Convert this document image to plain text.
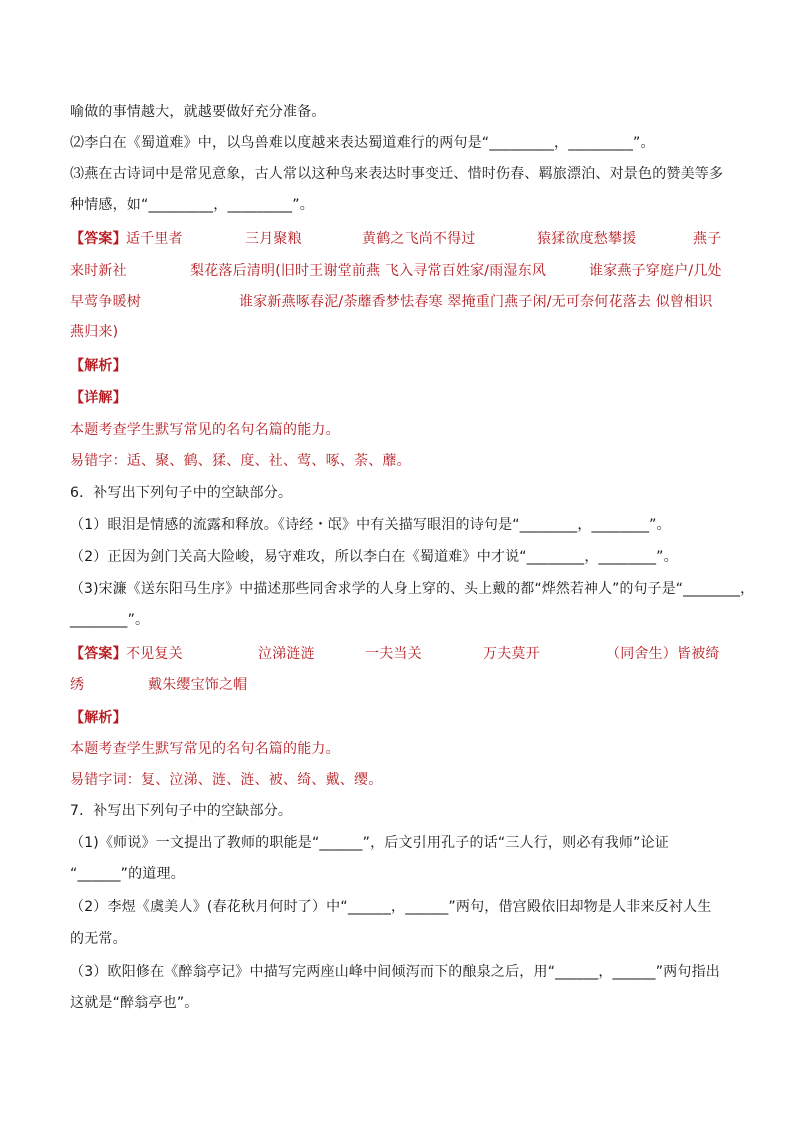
喻做的事情越大，就越要做好充分准备。
⑵李白在《蜀道难》中，以鸟兽难以度越来表达蜀道难行的两句是“_________，_________”。
⑶燕在古诗词中是常见意象，古人常以这种鸟来表达时事变迁、惜时伤春、羁旅漂泊、对景色的赞美等多
种情感，如“_________，_________”。
【答案】 适千里者	三月聚粮	黄鹤之飞尚不得过	猿猱欲度愁攀援	燕子
来时新社	梨花落后清明(旧时王谢堂前燕 飞入寻常百姓家/雨湿东风	谁家燕子穿庭户/几处
早莺争暖树	谁家新燕啄春泥/荼蘼香梦怯春寒 翠掩重门燕子闲/无可奈何花落去 似曾相识
燕归来)
【解析】
【详解】
本题考查学生默写常见的名句名篇的能力。
易错字：适、聚、鹤、猱、度、社、莺、啄、荼、蘼。
6．补写出下列句子中的空缺部分。
（1）眼泪是情感的流露和释放。《诗经・氓》中有关描写眼泪的诗句是“________，________”。
（2）正因为剑门关高大险峻，易守难攻，所以李白在《蜀道难》中才说“________，________”。
（3)宋濂《送东阳马生序》中描述那些同舍求学的人身上穿的、头上戴的都“烨然若神人”的句子是“________，
________”。
【答案】 不见复关	泣涕涟涟	一夫当关	万夫莫开	（同舍生）皆被绮
绣	戴朱缨宝饰之帽
【解析】
本题考查学生默写常见的名句名篇的能力。
易错字词：复、泣涕、涟、涟、被、绮、戴、缨。
7．补写出下列句子中的空缺部分。
（1)《师说》一文提出了教师的职能是“______”，后文引用孔子的话“三人行，则必有我师”论证
“______”的道理。
（2）李煜《虞美人》(春花秋月何时了）中“______，______”两句，借宫殿依旧却物是人非来反衬人生
的无常。
（3）欧阳修在《醉翁亭记》中描写完两座山峰中间倾泻而下的酿泉之后，用“______，______”两句指出
这就是“醉翁亭也”。
